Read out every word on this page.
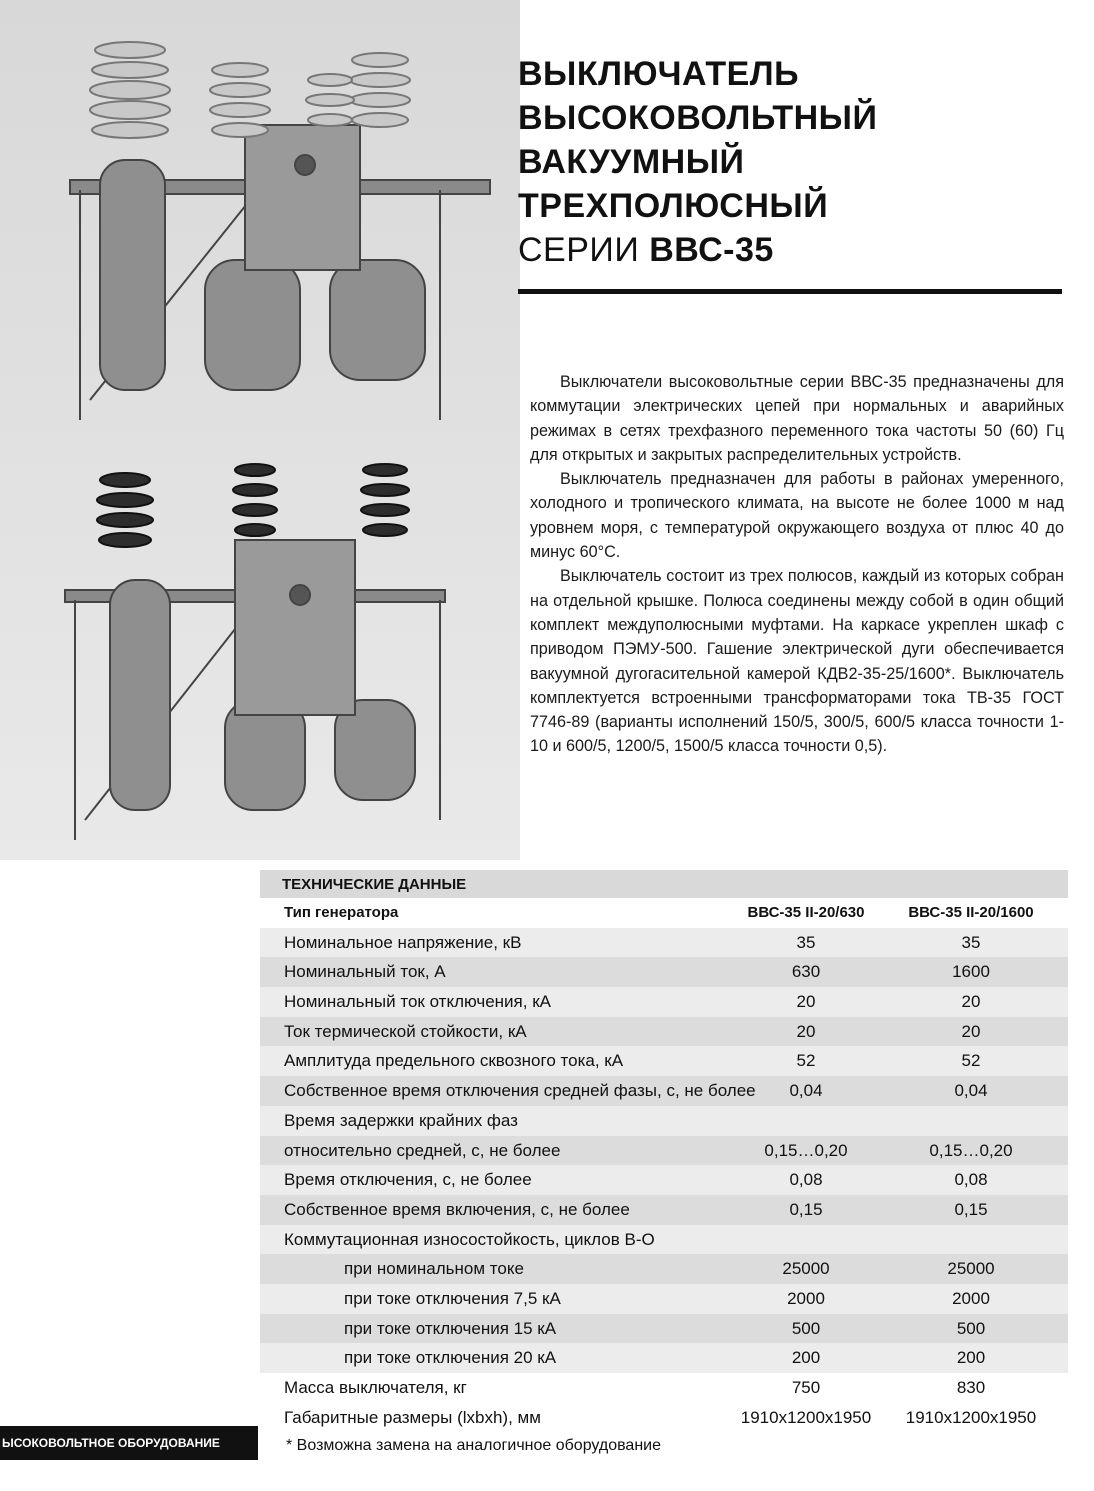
ВЫКЛЮЧАТЕЛЬ
ВЫСОКОВОЛЬТНЫЙ
ВАКУУМНЫЙ
ТРЕХПОЛЮСНЫЙ
СЕРИИ ВВС-35

Выключатели высоковольтные серии ВВС-35 предназначены для коммутации электрических цепей при нормальных и аварийных режимах в сетях трехфазного переменного тока частоты 50 (60) Гц для открытых и закрытых распределительных устройств.

Выключатель предназначен для работы в районах умеренного, холодного и тропического климата, на высоте не более 1000 м над уровнем моря, с температурой окружающего воздуха от плюс 40 до минус 60°С.

Выключатель состоит из трех полюсов, каждый из которых собран на отдельной крышке. Полюса соединены между собой в один общий комплект междуполюсными муфтами. На каркасе укреплен шкаф с приводом ПЭМУ-500. Гашение электрической дуги обеспечивается вакуумной дугогасительной камерой КДВ2-35-25/1600*. Выключатель комплектуется встроенными трансформаторами тока ТВ-35 ГОСТ 7746-89 (варианты исполнений 150/5, 300/5, 600/5 класса точности 1-10 и 600/5, 1200/5, 1500/5 класса точности 0,5).

ТЕХНИЧЕСКИЕ ДАННЫЕ
Тип генератора	ВВС-35 II-20/630	ВВС-35 II-20/1600
Номинальное напряжение, кВ	35	35
Номинальный ток, А	630	1600
Номинальный ток отключения, кА	20	20
Ток термической стойкости, кА	20	20
Амплитуда предельного сквозного тока, кА	52	52
Собственное время отключения средней фазы, с, не более	0,04	0,04
Время задержки крайних фаз
относительно средней, с, не более	0,15…0,20	0,15…0,20
Время отключения, с, не более	0,08	0,08
Собственное время включения, с, не более	0,15	0,15
Коммутационная износостойкость, циклов В-О
при номинальном токе	25000	25000
при токе отключения 7,5 кА	2000	2000
при токе отключения 15 кА	500	500
при токе отключения 20 кА	200	200
Масса выключателя, кг	750	830
Габаритные размеры (lxbxh), мм	1910x1200x1950	1910x1200x1950
* Возможна замена на аналогичное оборудование
ЫСОКОВОЛЬТНОЕ ОБОРУДОВАНИЕ
